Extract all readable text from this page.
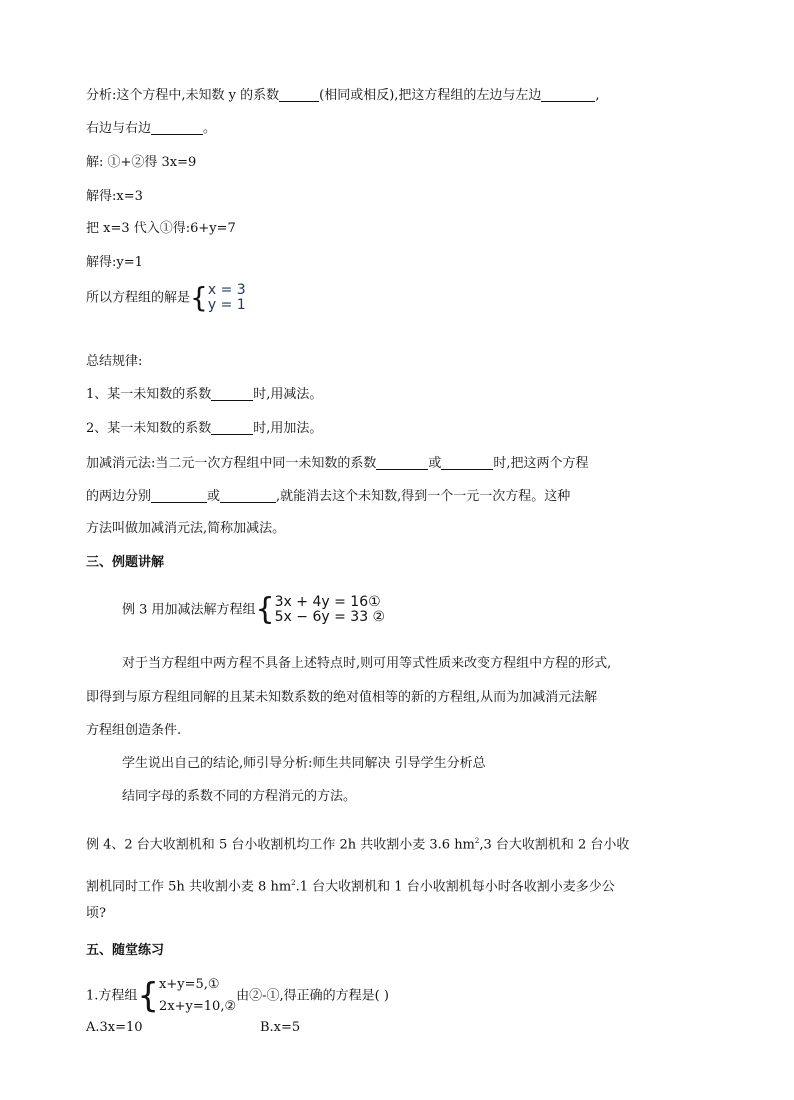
分析:这个方程中,未知数 y 的系数	(相同或相反),把这方程组的左边与左边	,
右边与右边	。
解: ①+②得 3x=9
解得:x=3
把 x=3 代入①得:6+y=7
解得:y=1
所以方程组的解是 { x = 3
y = 1
总结规律:
1、某一未知数的系数	时,用减法。
2、某一未知数的系数	时,用加法。
加减消元法:当二元一次方程组中同一未知数的系数	或	时,把这两个方程
的两边分别	或	,就能消去这个未知数,得到一个一元一次方程。这种
方法叫做加减消元法,简称加减法。
三、例题讲解
例 3 用加减法解方程组 { 3x + 4y = 16①
5x − 6y = 33 ②
对于当方程组中两方程不具备上述特点时,则可用等式性质来改变方程组中方程的形式,
即得到与原方程组同解的且某未知数系数的绝对值相等的新的方程组,从而为加减消元法解
方程组创造条件.
学生说出自己的结论,师引导分析:师生共同解决 引导学生分析总
结同字母的系数不同的方程消元的方法。
例 4、2 台大收割机和 5 台小收割机均工作 2h 共收割小麦 3.6 $hm^2,3$ 台大收割机和 2 台小收
割机同时工作 5h 共收割小麦 8 $hm^2.1$ 台大收割机和 1 台小收割机每小时各收割小麦多少公
顷?
五、随堂练习
1.方程组 { x+y=5,①
2x+y=10,②
由②-①,得正确的方程是( )
A.3x=10	B.x=5
